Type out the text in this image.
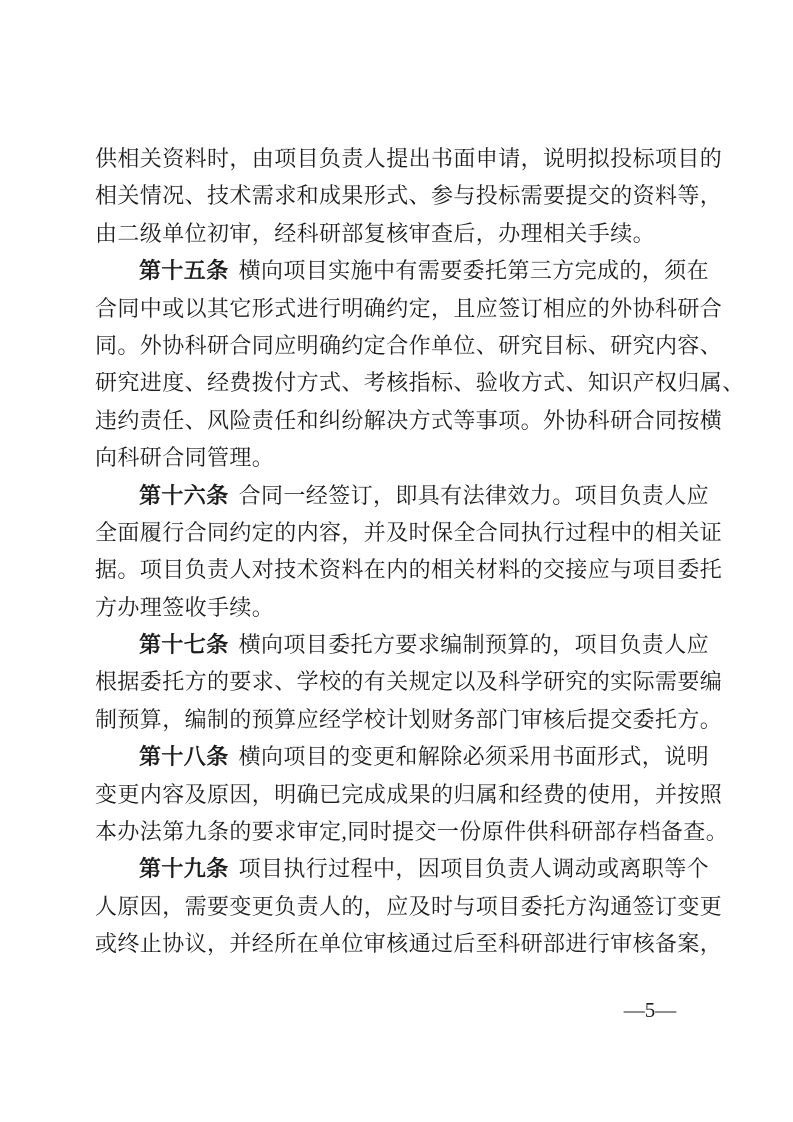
供相关资料时，由项目负责人提出书面申请，说明拟投标项目的
相关情况、技术需求和成果形式、参与投标需要提交的资料等，
由二级单位初审，经科研部复核审查后，办理相关手续。
第十五条 横向项目实施中有需要委托第三方完成的，须在
合同中或以其它形式进行明确约定，且应签订相应的外协科研合
同。外协科研合同应明确约定合作单位、研究目标、研究内容、
研究进度、经费拨付方式、考核指标、验收方式、知识产权归属、
违约责任、风险责任和纠纷解决方式等事项。外协科研合同按横
向科研合同管理。
第十六条 合同一经签订，即具有法律效力。项目负责人应
全面履行合同约定的内容，并及时保全合同执行过程中的相关证
据。项目负责人对技术资料在内的相关材料的交接应与项目委托
方办理签收手续。
第十七条 横向项目委托方要求编制预算的，项目负责人应
根据委托方的要求、学校的有关规定以及科学研究的实际需要编
制预算，编制的预算应经学校计划财务部门审核后提交委托方。
第十八条 横向项目的变更和解除必须采用书面形式，说明
变更内容及原因，明确已完成成果的归属和经费的使用，并按照
本办法第九条的要求审定,同时提交一份原件供科研部存档备查。
第十九条 项目执行过程中，因项目负责人调动或离职等个
人原因，需要变更负责人的，应及时与项目委托方沟通签订变更
或终止协议，并经所在单位审核通过后至科研部进行审核备案，
—5—
